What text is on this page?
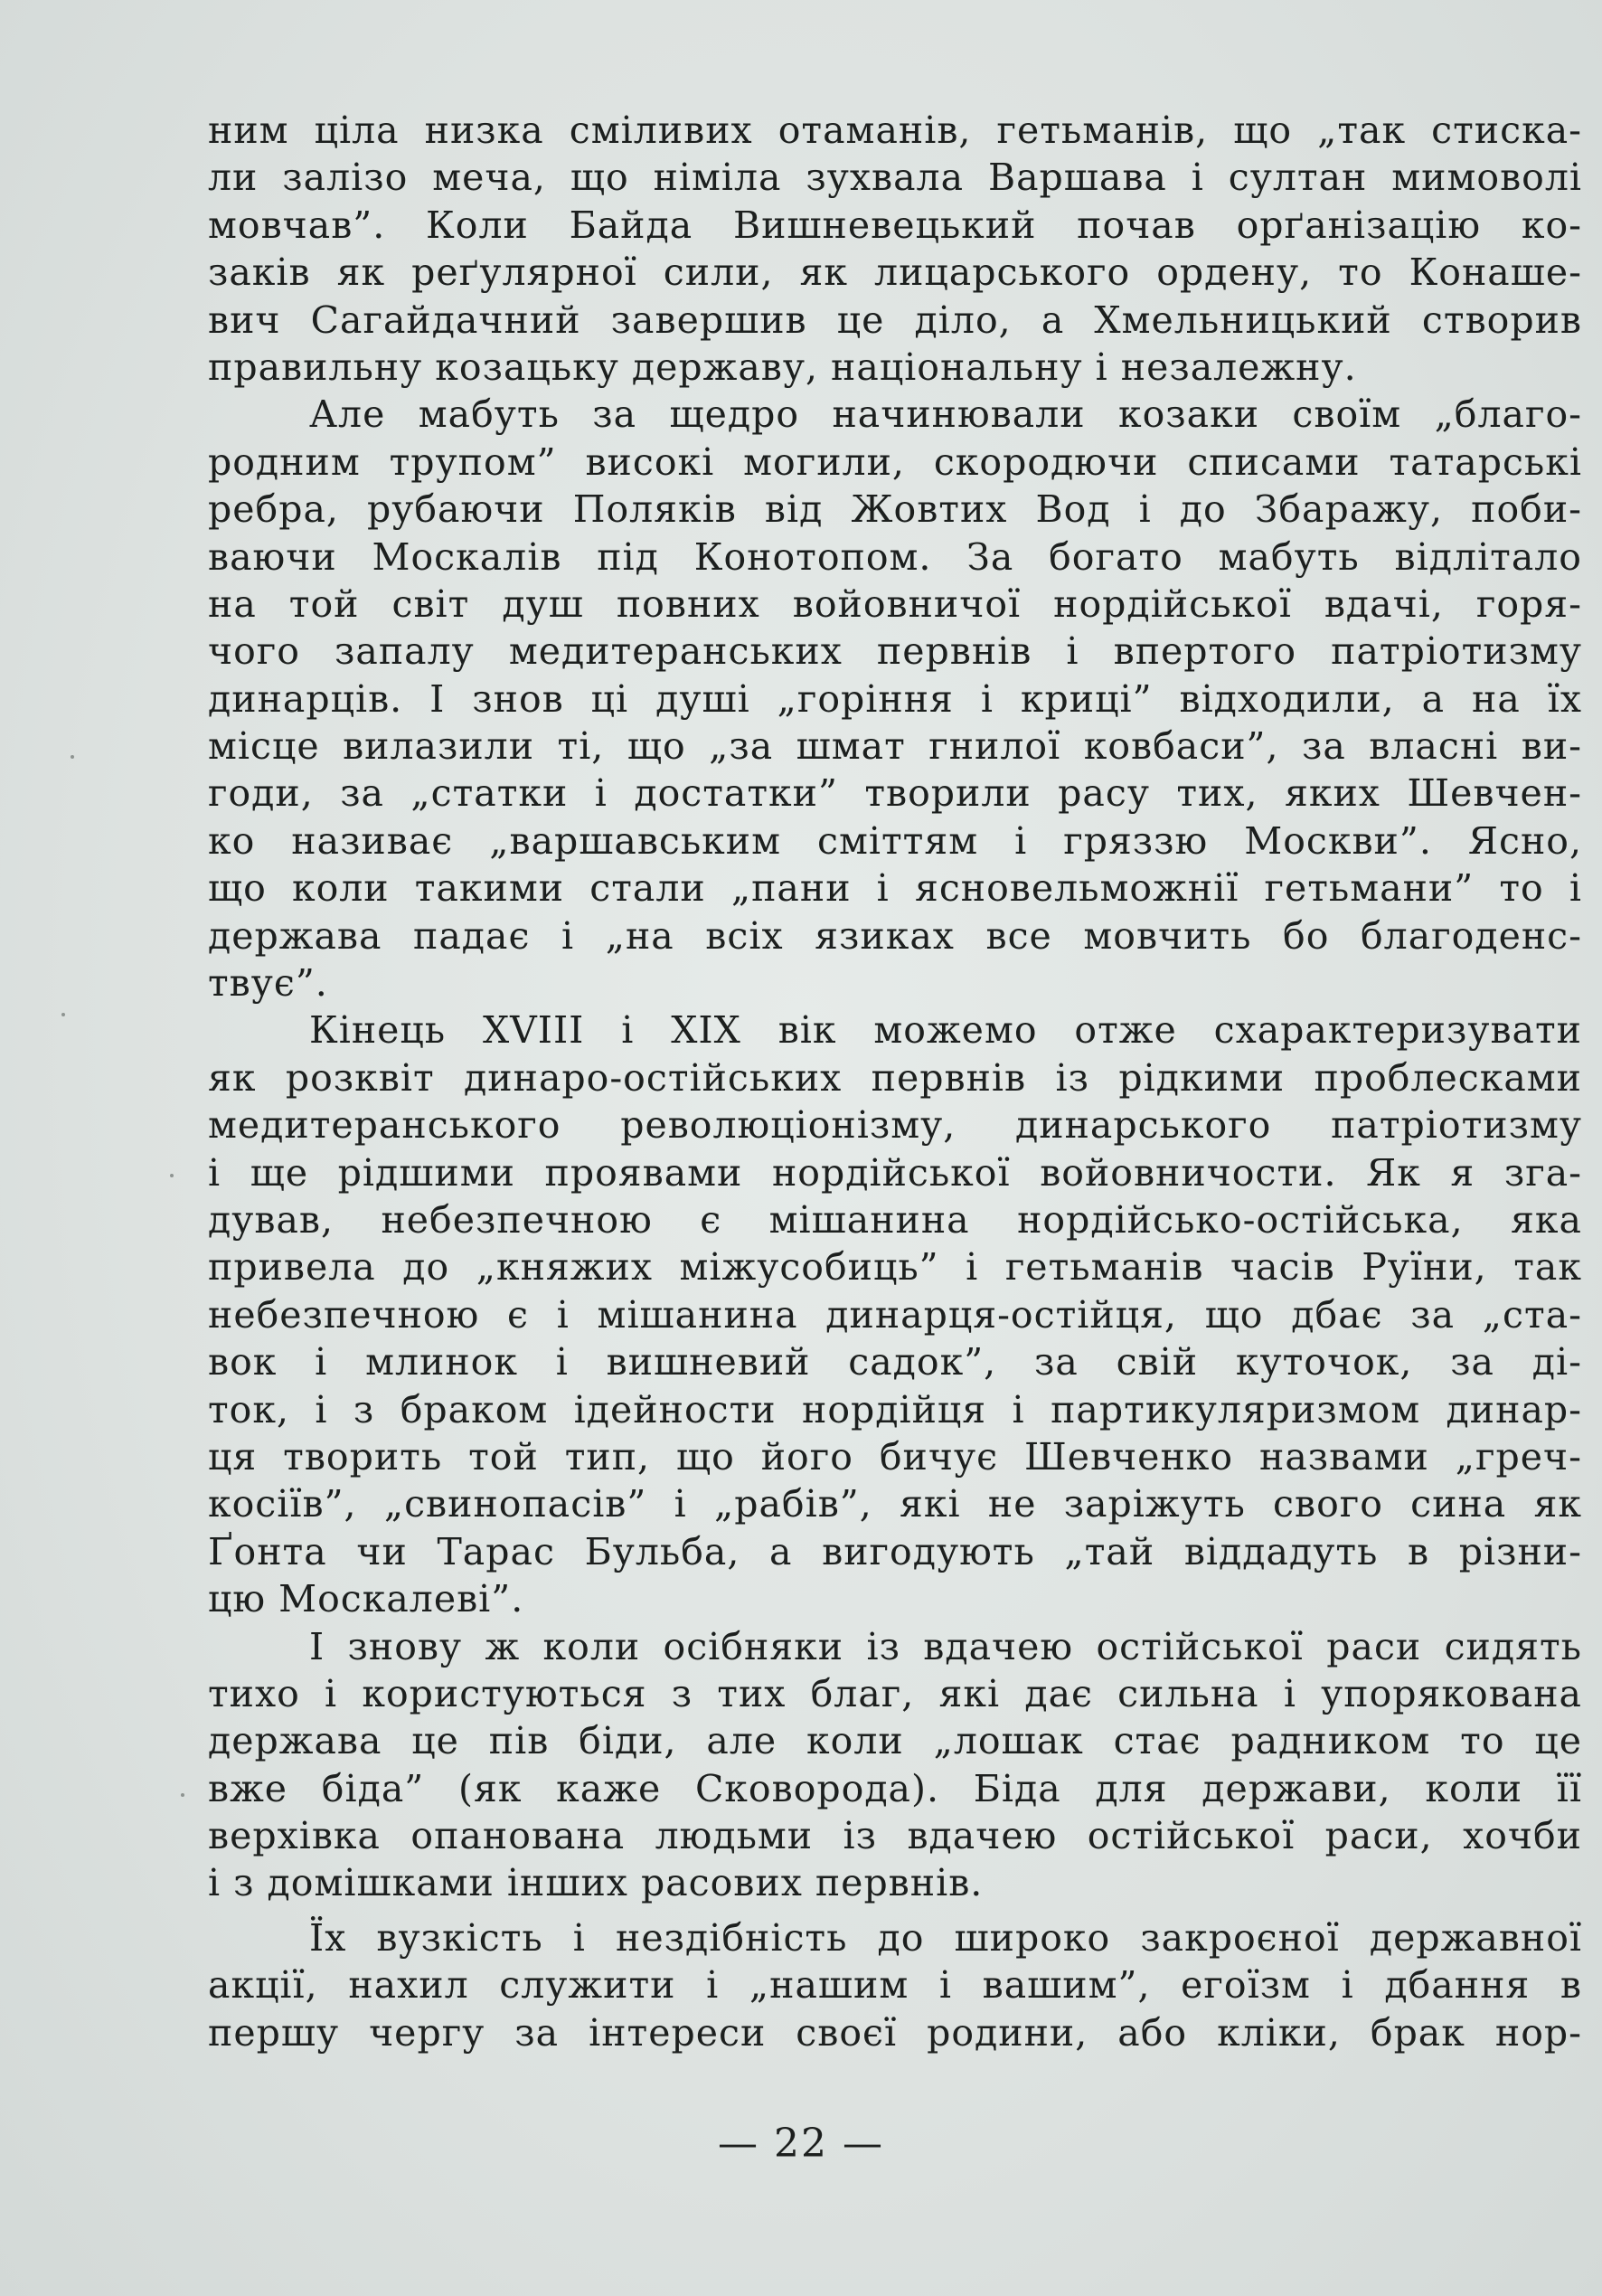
ним ціла низка сміливих отаманів, гетьманів, що „так стиска-
ли залізо меча, що німіла зухвала Варшава і султан мимоволі
мовчав”. Коли Байда Вишневецький почав орґанізацію ко-
заків як реґулярної сили, як лицарського ордену, то Конаше-
вич Сагайдачний завершив це діло, а Хмельницький створив
правильну козацьку державу, національну і незалежну.
Але мабуть за щедро начинювали козаки своїм „благо-
родним трупом” високі могили, скородючи списами татарські
ребра, рубаючи Поляків від Жовтих Вод і до Збаражу, поби-
ваючи Москалів під Конотопом. За богато мабуть відлітало
на той світ душ повних войовничої нордійської вдачі, горя-
чого запалу медитеранських первнів і впертого патріотизму
динарців. І знов ці душі „горіння і криці” відходили, а на їх
місце вилазили ті, що „за шмат гнилої ковбаси”, за власні ви-
годи, за „статки і достатки” творили расу тих, яких Шевчен-
ко називає „варшавським сміттям і гряззю Москви”. Ясно,
що коли такими стали „пани і ясновельможнії гетьмани” то і
держава падає і „на всіх язиках все мовчить бо благоденс-
твує”.
Кінець XVIII і XIX вік можемо отже схарактеризувати
як розквіт динаро-остійських первнів із рідкими проблесками
медитеранського революціонізму, динарського патріотизму
і ще рідшими проявами нордійської войовничости. Як я зга-
дував, небезпечною є мішанина нордійсько-остійська, яка
привела до „княжих міжусобиць” і гетьманів часів Руїни, так
небезпечною є і мішанина динарця-остійця, що дбає за „ста-
вок і млинок і вишневий садок”, за свій куточок, за ді-
ток, і з браком ідейности нордійця і партикуляризмом динар-
ця творить той тип, що його бичує Шевченко назвами „греч-
косіїв”, „свинопасів” і „рабів”, які не заріжуть свого сина як
Ґонта чи Тарас Бульба, а вигодують „тай віддадуть в різни-
цю Москалеві”.
І знову ж коли осібняки із вдачею остійської раси сидять
тихо і користуються з тих благ, які дає сильна і упорякована
держава це пів біди, але коли „лошак стає радником то це
вже біда” (як каже Сковорода). Біда для держави, коли її
верхівка опанована людьми із вдачею остійської раси, хочби
і з домішками інших расових первнів.
Їх вузкість і нездібність до широко закроєної державної
акції, нахил служити і „нашим і вашим”, егоїзм і дбання в
першу чергу за інтереси своєї родини, або кліки, брак нор-
— 22 —
